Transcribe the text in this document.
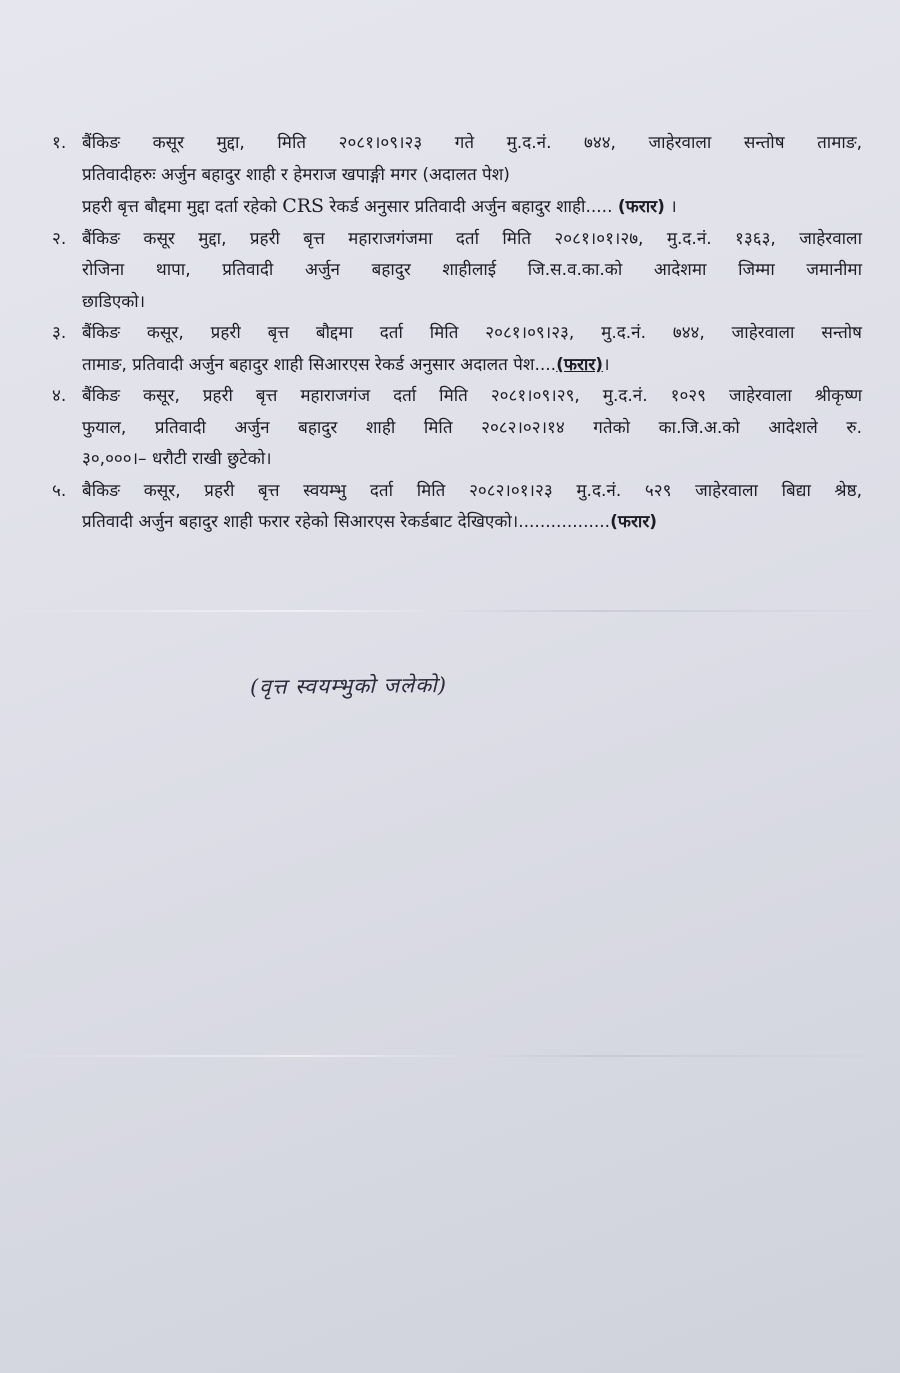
१. बैंकिङ कसूर मुद्दा, मिति २०८१।०९।२३ गते मु.द.नं. ७४४, जाहेरवाला सन्तोष तामाङ,
प्रतिवादीहरुः अर्जुन बहादुर शाही र हेमराज खपाङ्गी मगर (अदालत पेश)
प्रहरी बृत्त बौद्दमा मुद्दा दर्ता रहेको CRS रेकर्ड अनुसार प्रतिवादी अर्जुन बहादुर शाही..... (फरार) ।
२. बैंकिङ कसूर मुद्दा, प्रहरी बृत्त महाराजगंजमा दर्ता मिति २०८१।०१।२७, मु.द.नं. १३६३, जाहेरवाला
रोजिना थापा, प्रतिवादी अर्जुन बहादुर शाहीलाई जि.स.व.का.को आदेशमा जिम्मा जमानीमा
छाडिएको।
३. बैंकिङ कसूर, प्रहरी बृत्त बौद्दमा दर्ता मिति २०८१।०९।२३, मु.द.नं. ७४४, जाहेरवाला सन्तोष
तामाङ, प्रतिवादी अर्जुन बहादुर शाही सिआरएस रेकर्ड अनुसार अदालत पेश....(फरार)।
४. बैंकिङ कसूर, प्रहरी बृत्त महाराजगंज दर्ता मिति २०८१।०९।२९, मु.द.नं. १०२९ जाहेरवाला श्रीकृष्ण
फुयाल, प्रतिवादी अर्जुन बहादुर शाही मिति २०८२।०२।१४ गतेको का.जि.अ.को आदेशले रु.
३०,०००।– धरौटी राखी छुटेको।
५. बैकिङ कसूर, प्रहरी बृत्त स्वयम्भु दर्ता मिति २०८२।०१।२३ मु.द.नं. ५२९ जाहेरवाला बिद्या श्रेष्ठ,
प्रतिवादी अर्जुन बहादुर शाही फरार रहेको सिआरएस रेकर्डबाट देखिएको।.................(फरार)
(वृत्त स्वयम्भुको जलेको)
